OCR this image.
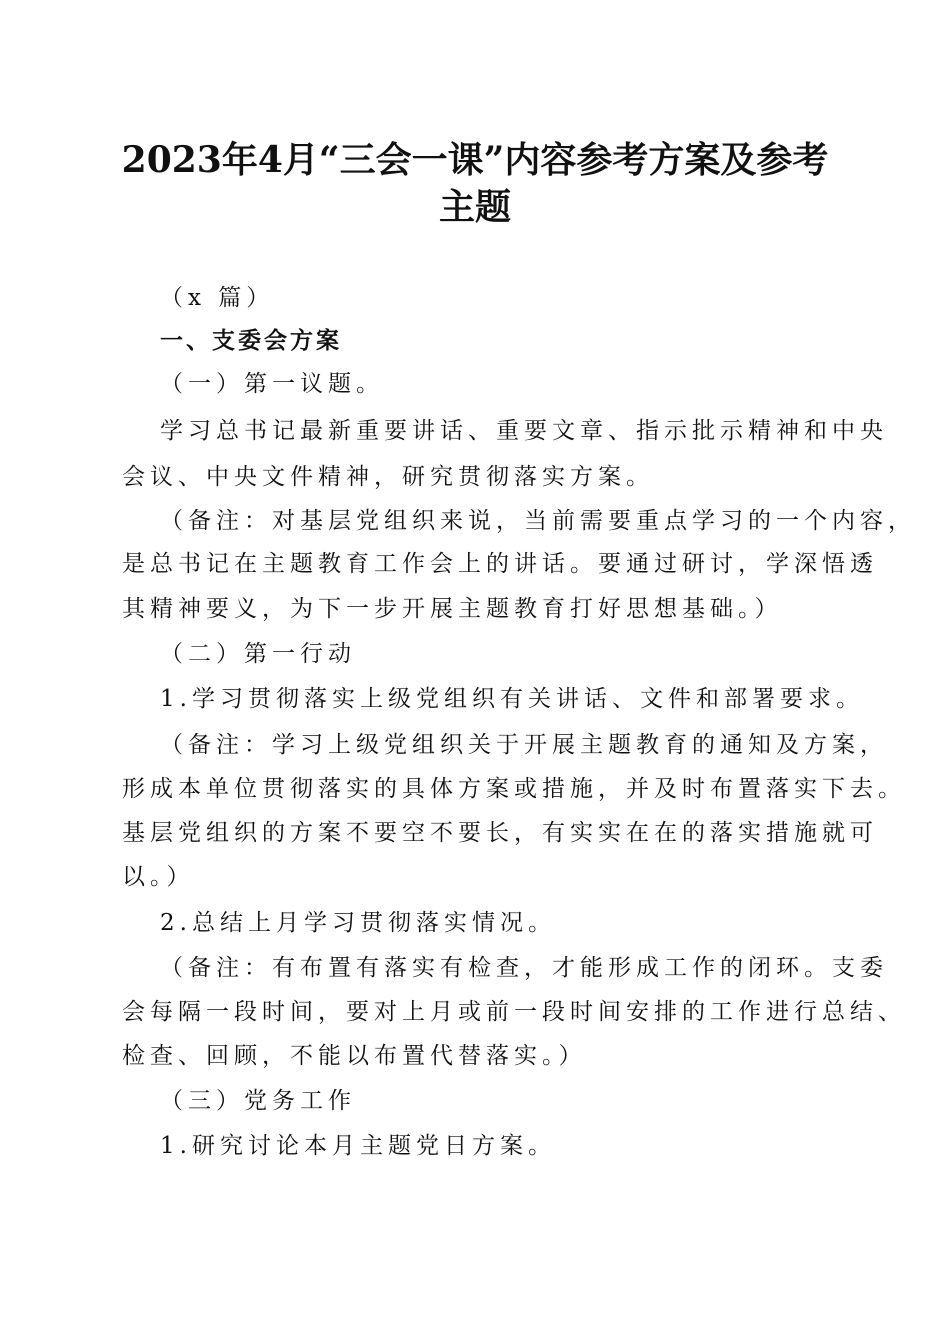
2023年4月“三会一课”内容参考方案及参考
主题
（x 篇）
一、支委会方案
（一）第一议题。
学习总书记最新重要讲话、重要文章、指示批示精神和中央
会议、中央文件精神，研究贯彻落实方案。
（备注：对基层党组织来说，当前需要重点学习的一个内容，
是总书记在主题教育工作会上的讲话。要通过研讨，学深悟透
其精神要义，为下一步开展主题教育打好思想基础。）
（二）第一行动
1.学习贯彻落实上级党组织有关讲话、文件和部署要求。
（备注：学习上级党组织关于开展主题教育的通知及方案，
形成本单位贯彻落实的具体方案或措施，并及时布置落实下去。
基层党组织的方案不要空不要长，有实实在在的落实措施就可
以。）
2.总结上月学习贯彻落实情况。
（备注：有布置有落实有检查，才能形成工作的闭环。支委
会每隔一段时间，要对上月或前一段时间安排的工作进行总结、
检查、回顾，不能以布置代替落实。）
（三）党务工作
1.研究讨论本月主题党日方案。
